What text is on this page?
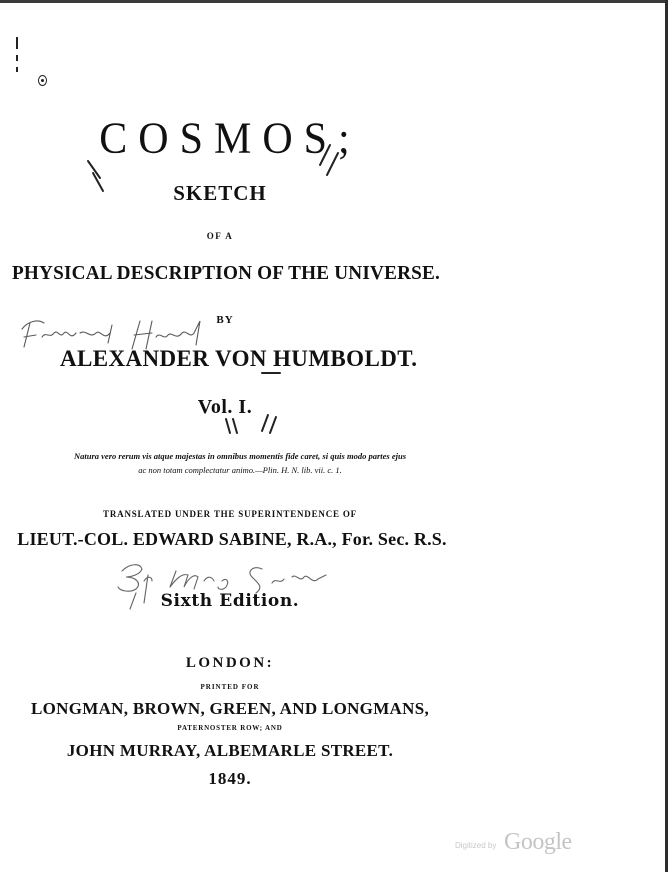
COSMOS;
SKETCH
OF A
PHYSICAL DESCRIPTION OF THE UNIVERSE.
BY
ALEXANDER VON HUMBOLDT.
Vol. I.
Natura vero rerum vis atque majestas in omnibus momentis fide caret, si quis modo partes ejus
ac non totam complectatur animo.—Plin. H. N. lib. vii. c. 1.
TRANSLATED UNDER THE SUPERINTENDENCE OF
LIEUT.-COL. EDWARD SABINE, R.A., For. Sec. R.S.
Sixth Edition.
LONDON:
PRINTED FOR
LONGMAN, BROWN, GREEN, AND LONGMANS,
PATERNOSTER ROW; AND
JOHN MURRAY, ALBEMARLE STREET.
1849.
Digitized by Google
